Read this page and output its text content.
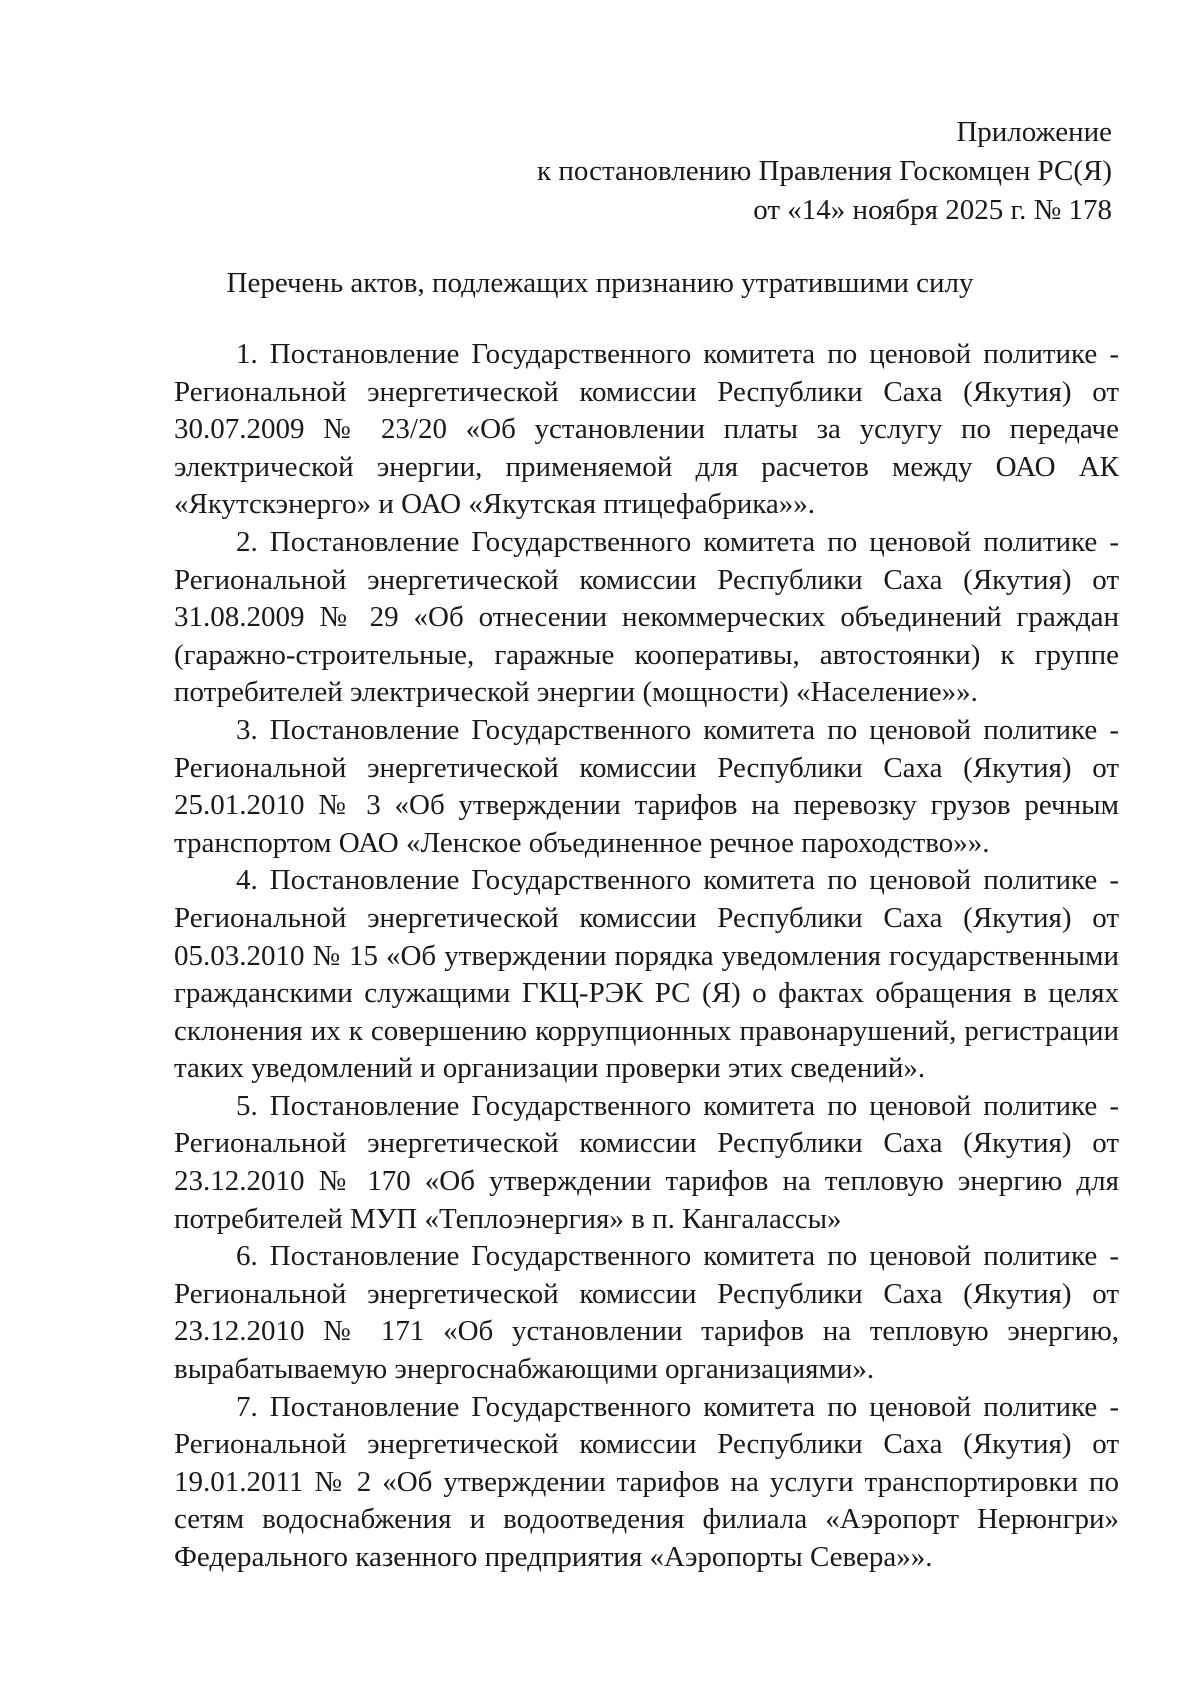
Приложение
к постановлению Правления Госкомцен РС(Я)
от «14» ноября 2025 г. № 178
Перечень актов, подлежащих признанию утратившими силу
1. Постановление Государственного комитета по ценовой политике - Региональной энергетической комиссии Республики Саха (Якутия) от 30.07.2009 № 23/20 «Об установлении платы за услугу по передаче электрической энергии, применяемой для расчетов между ОАО АК «Якутскэнерго» и ОАО «Якутская птицефабрика»».
2. Постановление Государственного комитета по ценовой политике - Региональной энергетической комиссии Республики Саха (Якутия) от 31.08.2009 № 29 «Об отнесении некоммерческих объединений граждан (гаражно-строительные, гаражные кооперативы, автостоянки) к группе потребителей электрической энергии (мощности) «Население»».
3. Постановление Государственного комитета по ценовой политике - Региональной энергетической комиссии Республики Саха (Якутия) от 25.01.2010 № 3 «Об утверждении тарифов на перевозку грузов речным транспортом ОАО «Ленское объединенное речное пароходство»».
4. Постановление Государственного комитета по ценовой политике - Региональной энергетической комиссии Республики Саха (Якутия) от 05.03.2010 № 15 «Об утверждении порядка уведомления государственными гражданскими служащими ГКЦ-РЭК РС (Я) о фактах обращения в целях склонения их к совершению коррупционных правонарушений, регистрации таких уведомлений и организации проверки этих сведений».
5. Постановление Государственного комитета по ценовой политике - Региональной энергетической комиссии Республики Саха (Якутия) от 23.12.2010 № 170 «Об утверждении тарифов на тепловую энергию для потребителей МУП «Теплоэнергия» в п. Кангалассы»
6. Постановление Государственного комитета по ценовой политике - Региональной энергетической комиссии Республики Саха (Якутия) от 23.12.2010 № 171 «Об установлении тарифов на тепловую энергию, вырабатываемую энергоснабжающими организациями».
7. Постановление Государственного комитета по ценовой политике - Региональной энергетической комиссии Республики Саха (Якутия) от 19.01.2011 № 2 «Об утверждении тарифов на услуги транспортировки по сетям водоснабжения и водоотведения филиала «Аэропорт Нерюнгри» Федерального казенного предприятия «Аэропорты Севера»».
